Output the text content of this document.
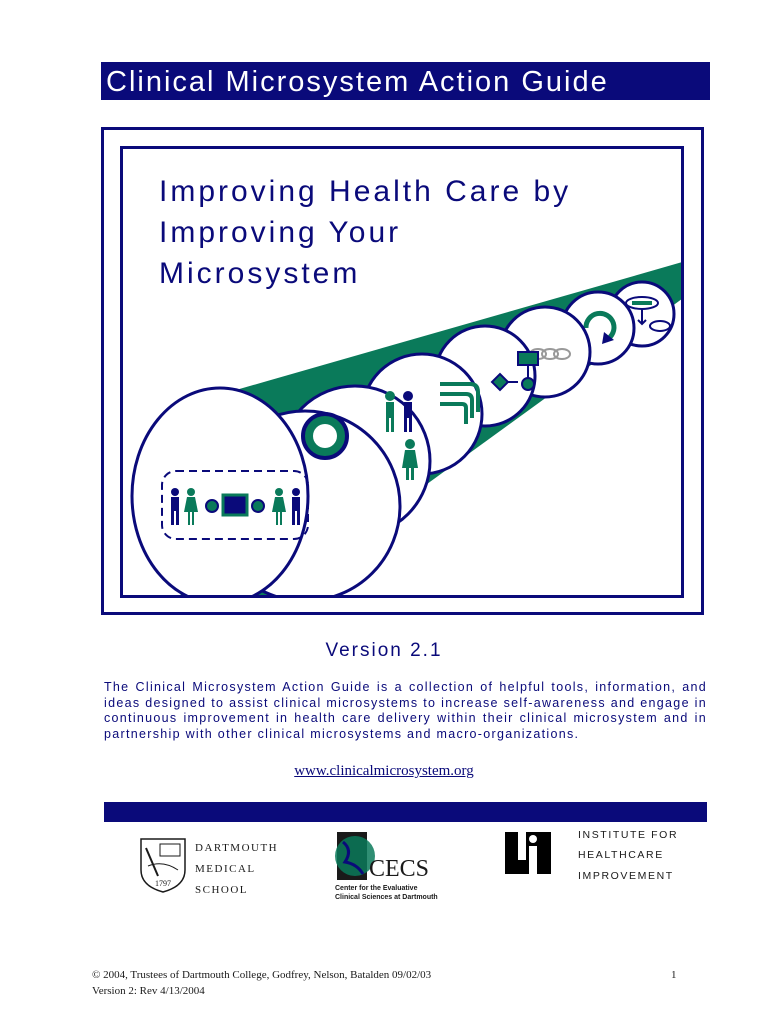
Clinical Microsystem Action Guide
Improving Health Care by
Improving Your
Microsystem
Version 2.1
The Clinical Microsystem Action Guide is a collection of helpful tools, information, and ideas designed to assist clinical microsystems to increase self-awareness and engage in continuous improvement in health care delivery within their clinical microsystem and in partnership with other clinical microsystems and macro-organizations.
www.clinicalmicrosystem.org
1797
DARTMOUTH
MEDICAL
SCHOOL
CECS
Center for the Evaluative
Clinical Sciences at Dartmouth
INSTITUTE FOR
HEALTHCARE
IMPROVEMENT
© 2004, Trustees of Dartmouth College, Godfrey, Nelson, Batalden 09/02/03
Version 2: Rev 4/13/2004
1
